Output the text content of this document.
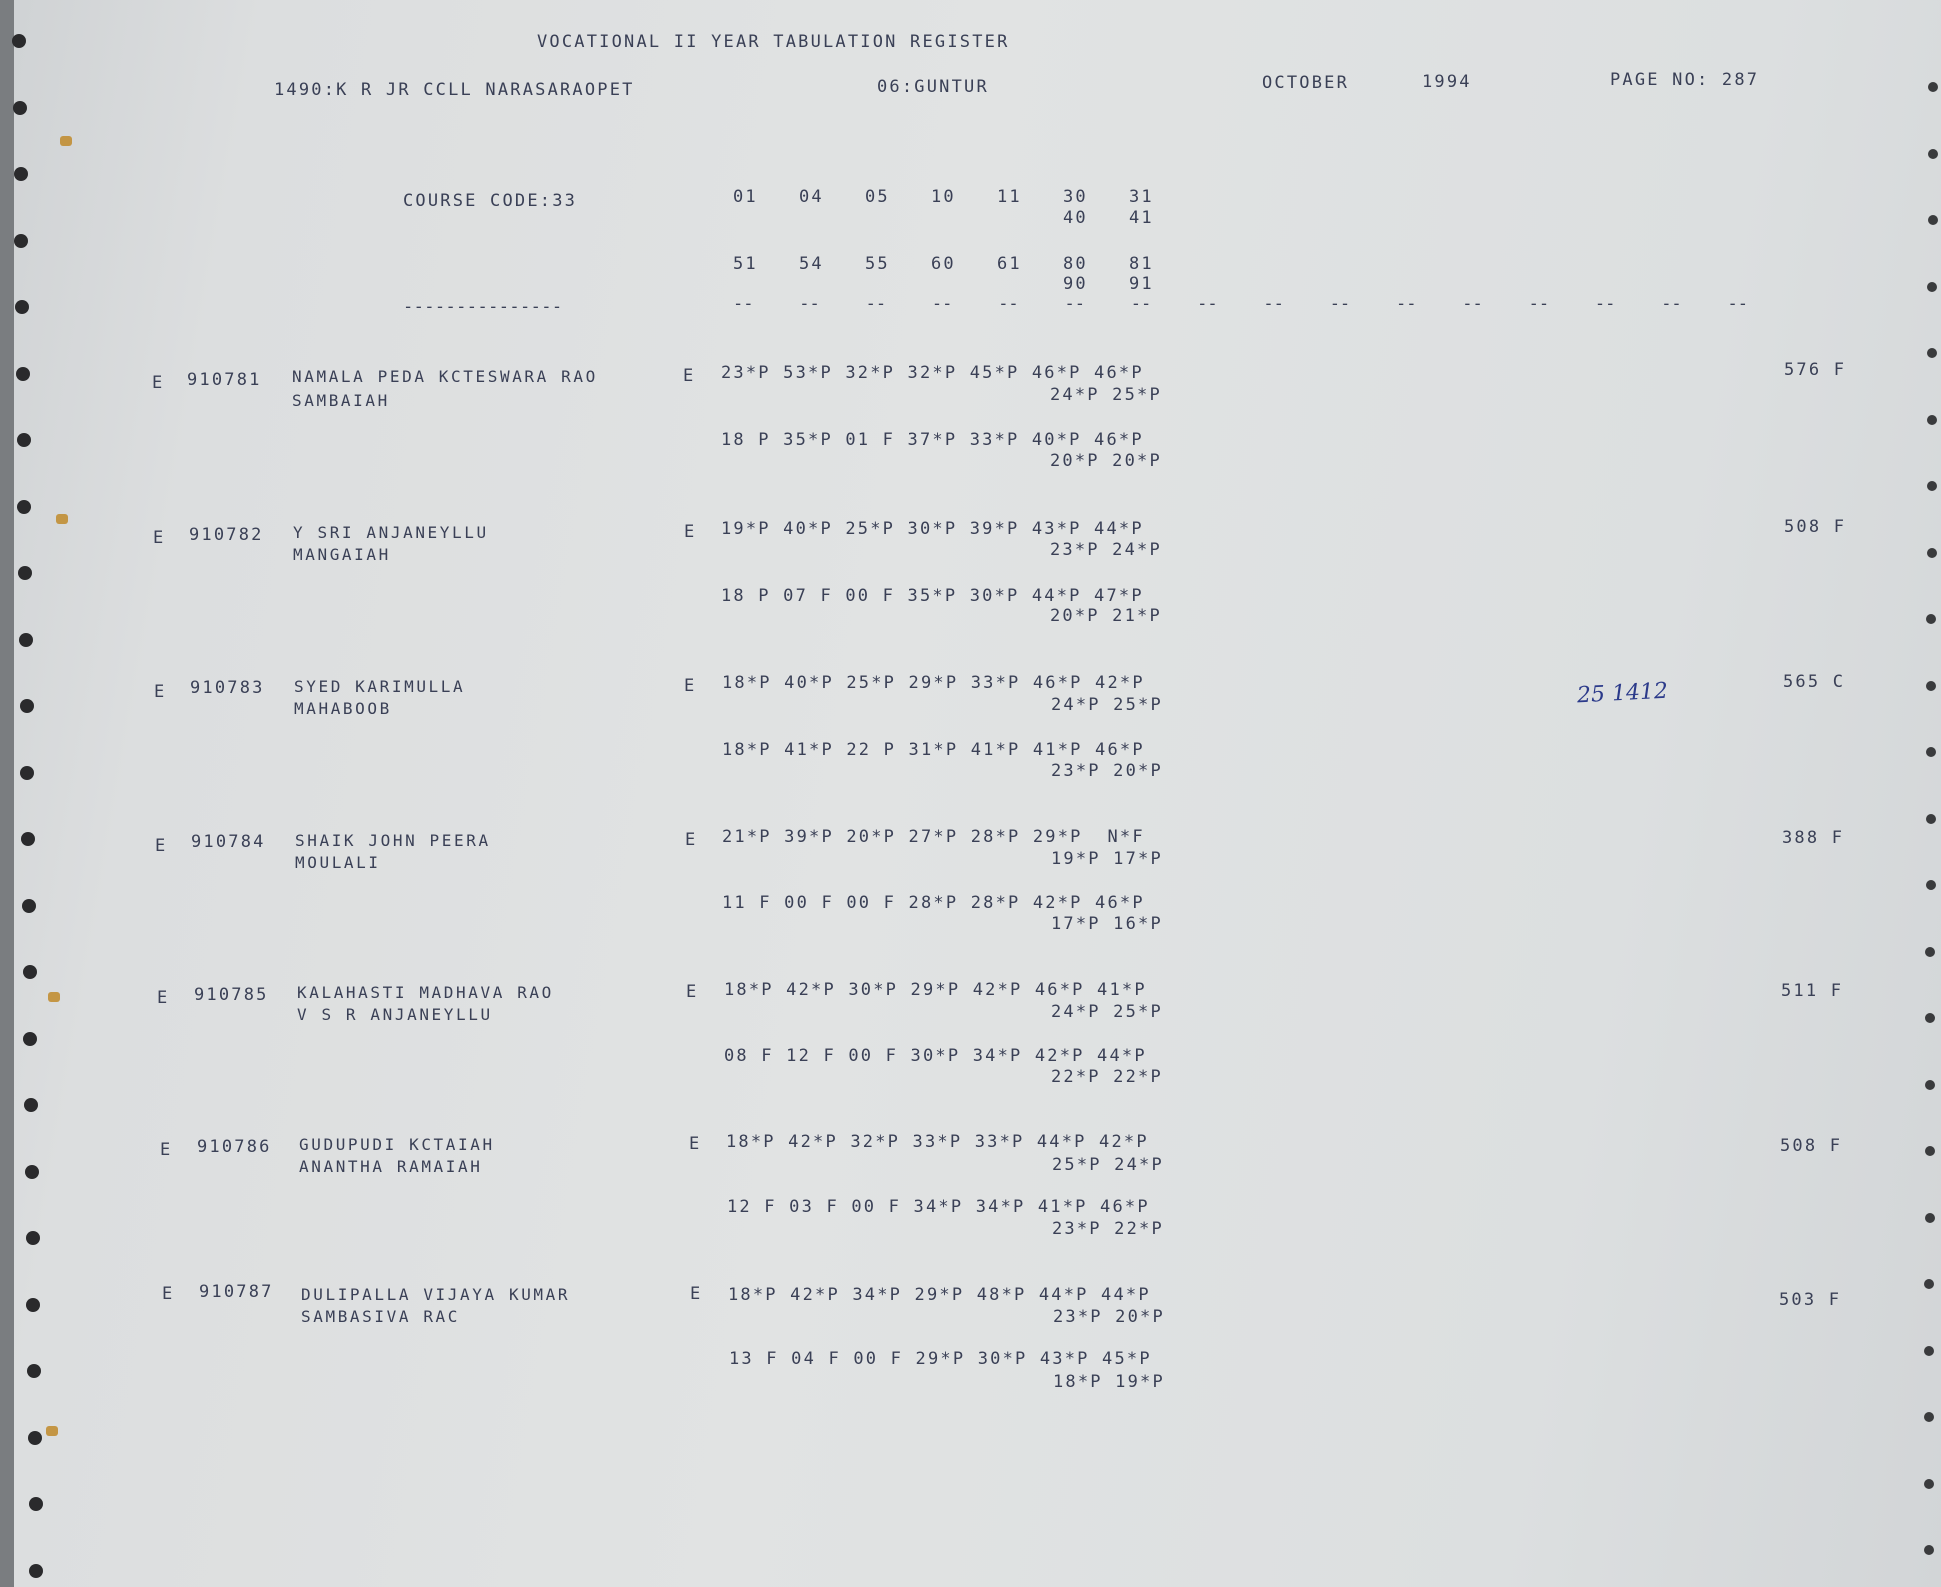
VOCATIONAL II YEAR TABULATION REGISTER
1490:K R JR CCLL NARASARAOPET	06:GUNTUR	OCTOBER	1994	PAGE NO: 287
COURSE CODE:33	01 04 05 10 11 30 31
40 41
51 54 55 60 61 80 81
90 91
---------------	--	--	--	--	--	--	--	--	--	--	--	--	--	--	--	--
E 910781 NAMALA PEDA KCTESWARA RAO
SAMBAIAH
E 23*P 53*P 32*P 32*P 45*P 46*P 46*P
24*P 25*P
18 P 35*P 01 F 37*P 33*P 40*P 46*P
20*P 20*P
576 F
E 910782 Y SRI ANJANEYLLU
MANGAIAH
E 19*P 40*P 25*P 30*P 39*P 43*P 44*P
23*P 24*P
18 P 07 F 00 F 35*P 30*P 44*P 47*P
20*P 21*P
508 F
E 910783 SYED KARIMULLA
MAHABOOB
E 18*P 40*P 25*P 29*P 33*P 46*P 42*P
24*P 25*P
18*P 41*P 22 P 31*P 41*P 41*P 46*P
23*P 20*P
25 1412	565 C
E 910784 SHAIK JOHN PEERA
MOULALI
E 21*P 39*P 20*P 27*P 28*P 29*P  N*F
19*P 17*P
11 F 00 F 00 F 28*P 28*P 42*P 46*P
17*P 16*P
388 F
E 910785 KALAHASTI MADHAVA RAO
V S R ANJANEYLLU
E 18*P 42*P 30*P 29*P 42*P 46*P 41*P
24*P 25*P
08 F 12 F 00 F 30*P 34*P 42*P 44*P
22*P 22*P
511 F
E 910786 GUDUPUDI KCTAIAH
ANANTHA RAMAIAH
E 18*P 42*P 32*P 33*P 33*P 44*P 42*P
25*P 24*P
12 F 03 F 00 F 34*P 34*P 41*P 46*P
23*P 22*P
508 F
E 910787 DULIPALLA VIJAYA KUMAR
SAMBASIVA RAC
E 18*P 42*P 34*P 29*P 48*P 44*P 44*P
23*P 20*P
13 F 04 F 00 F 29*P 30*P 43*P 45*P
18*P 19*P
503 F
